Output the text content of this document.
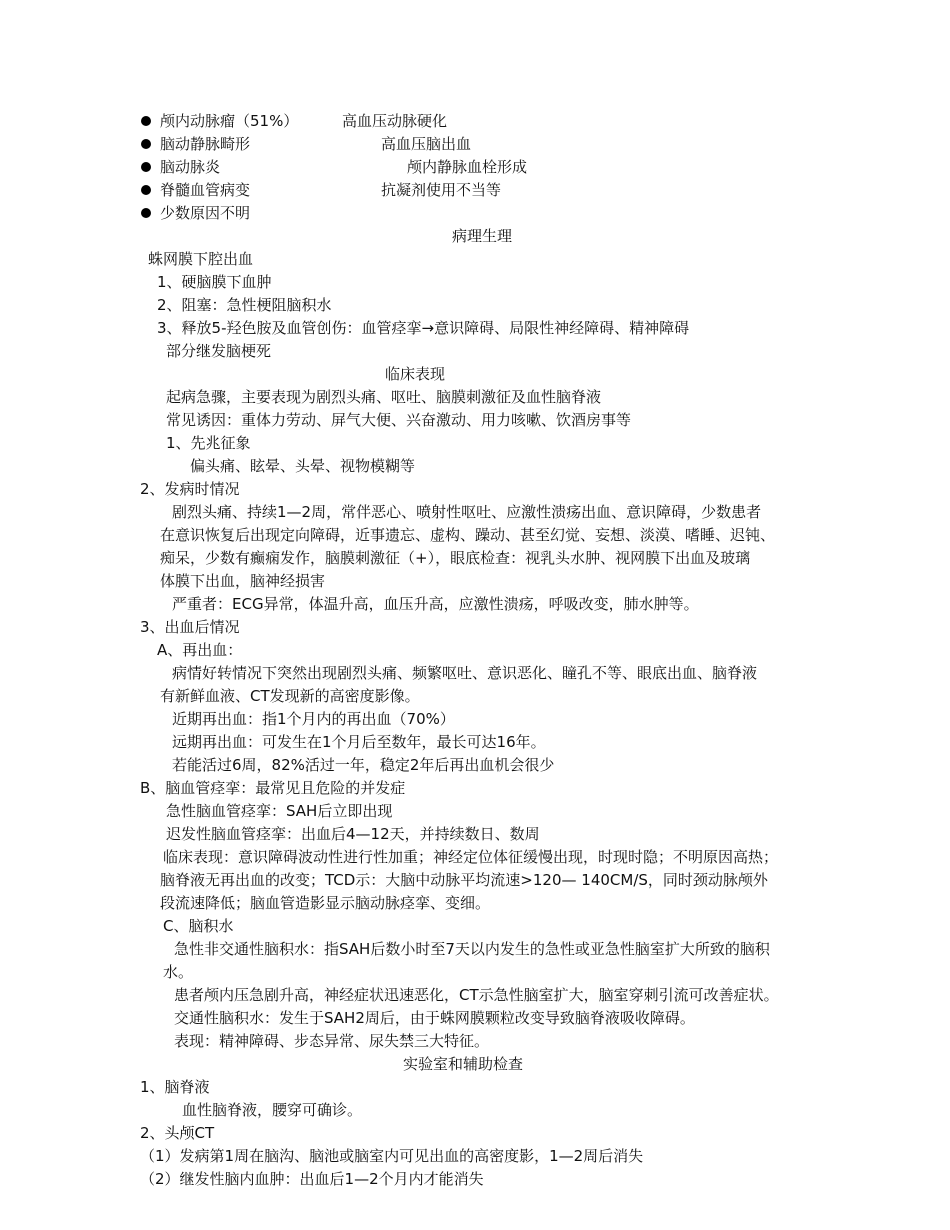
颅内动脉瘤（51%）	高血压动脉硬化
脑动静脉畸形	高血压脑出血
脑动脉炎	颅内静脉血栓形成
脊髓血管病变	抗凝剂使用不当等
少数原因不明
病理生理
蛛网膜下腔出血
1、硬脑膜下血肿
2、阻塞：急性梗阻脑积水
3、释放5-羟色胺及血管创伤：血管痉挛→意识障碍、局限性神经障碍、精神障碍
部分继发脑梗死
临床表现
起病急骤，主要表现为剧烈头痛、呕吐、脑膜刺激征及血性脑脊液
常见诱因：重体力劳动、屏气大便、兴奋激动、用力咳嗽、饮酒房事等
1、先兆征象
偏头痛、眩晕、头晕、视物模糊等
2、发病时情况
剧烈头痛、持续1—2周，常伴恶心、喷射性呕吐、应激性溃疡出血、意识障碍，少数患者
在意识恢复后出现定向障碍，近事遗忘、虚构、躁动、甚至幻觉、妄想、淡漠、嗜睡、迟钝、
痴呆，少数有癫痫发作，脑膜刺激征（+），眼底检查：视乳头水肿、视网膜下出血及玻璃
体膜下出血，脑神经损害
严重者：ECG异常，体温升高，血压升高，应激性溃疡，呼吸改变，肺水肿等。
3、出血后情况
A、再出血：
病情好转情况下突然出现剧烈头痛、频繁呕吐、意识恶化、瞳孔不等、眼底出血、脑脊液
有新鲜血液、CT发现新的高密度影像。
近期再出血：指1个月内的再出血（70%）
远期再出血：可发生在1个月后至数年，最长可达16年。
若能活过6周，82%活过一年，稳定2年后再出血机会很少
B、脑血管痉挛：最常见且危险的并发症
急性脑血管痉挛：SAH后立即出现
迟发性脑血管痉挛：出血后4—12天，并持续数日、数周
临床表现：意识障碍波动性进行性加重；神经定位体征缓慢出现，时现时隐；不明原因高热；
脑脊液无再出血的改变；TCD示：大脑中动脉平均流速>120— 140CM/S，同时颈动脉颅外
段流速降低；脑血管造影显示脑动脉痉挛、变细。
C、脑积水
急性非交通性脑积水：指SAH后数小时至7天以内发生的急性或亚急性脑室扩大所致的脑积
水。
患者颅内压急剧升高，神经症状迅速恶化，CT示急性脑室扩大，脑室穿刺引流可改善症状。
交通性脑积水：发生于SAH2周后，由于蛛网膜颗粒改变导致脑脊液吸收障碍。
表现：精神障碍、步态异常、尿失禁三大特征。
实验室和辅助检查
1、脑脊液
血性脑脊液，腰穿可确诊。
2、头颅CT
（1）发病第1周在脑沟、脑池或脑室内可见出血的高密度影，1—2周后消失
（2）继发性脑内血肿：出血后1—2个月内才能消失
